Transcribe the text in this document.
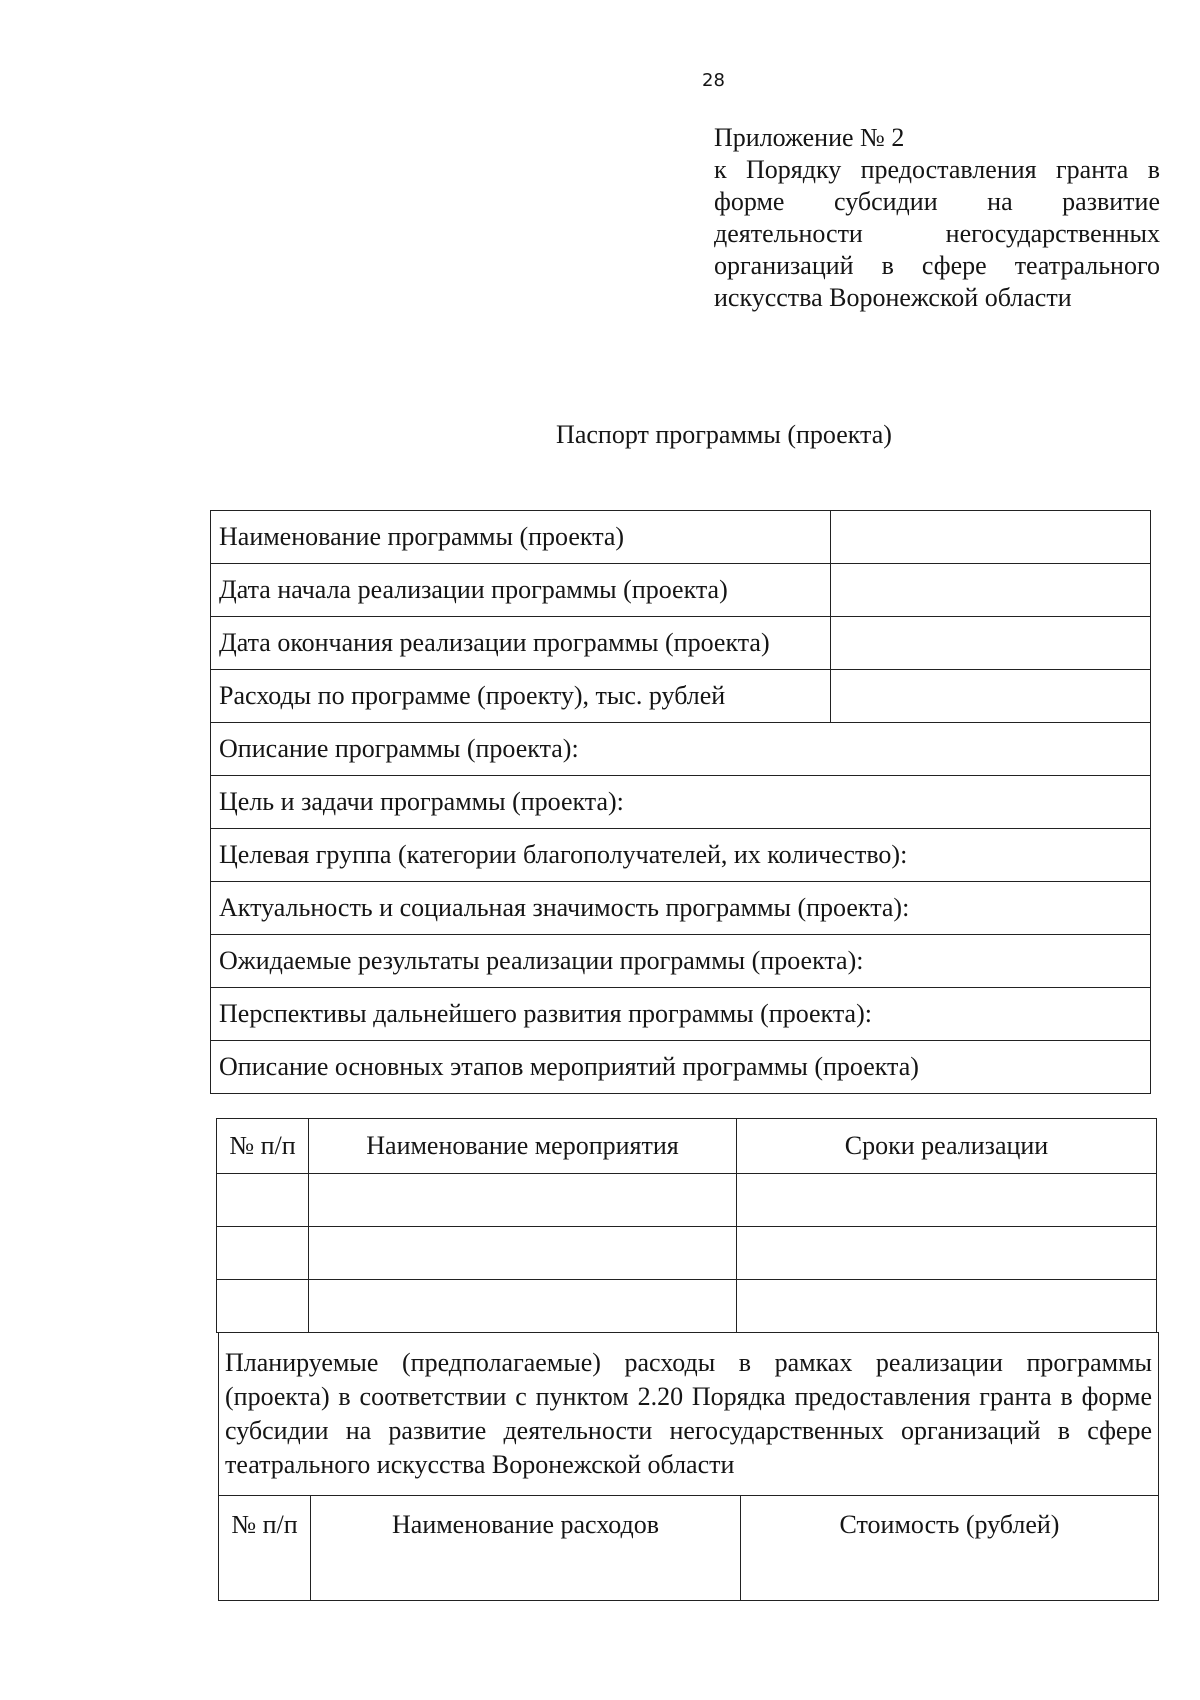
28
Приложение № 2
к Порядку предоставления гранта в форме субсидии на развитие деятельности негосударственных организаций в сфере театрального искусства Воронежской области
Паспорт программы (проекта)
Наименование программы (проекта)	
Дата начала реализации программы (проекта)	
Дата окончания реализации программы (проекта)	
Расходы по программе (проекту), тыс. рублей	
Описание программы (проекта):	
Цель и задачи программы (проекта):	
Целевая группа (категории благополучателей, их количество):	
Актуальность и социальная значимость программы (проекта):	
Ожидаемые результаты реализации программы (проекта):	
Перспективы дальнейшего развития программы (проекта):	
Описание основных этапов мероприятий программы (проекта)	
№ п/п	Наименование мероприятия	Сроки реализации

Планируемые (предполагаемые) расходы в рамках реализации программы (проекта) в соответствии с пунктом 2.20 Порядка предоставления гранта в форме субсидии на развитие деятельности негосударственных организаций в сфере театрального искусства Воронежской области
№ п/п	Наименование расходов	Стоимость (рублей)
